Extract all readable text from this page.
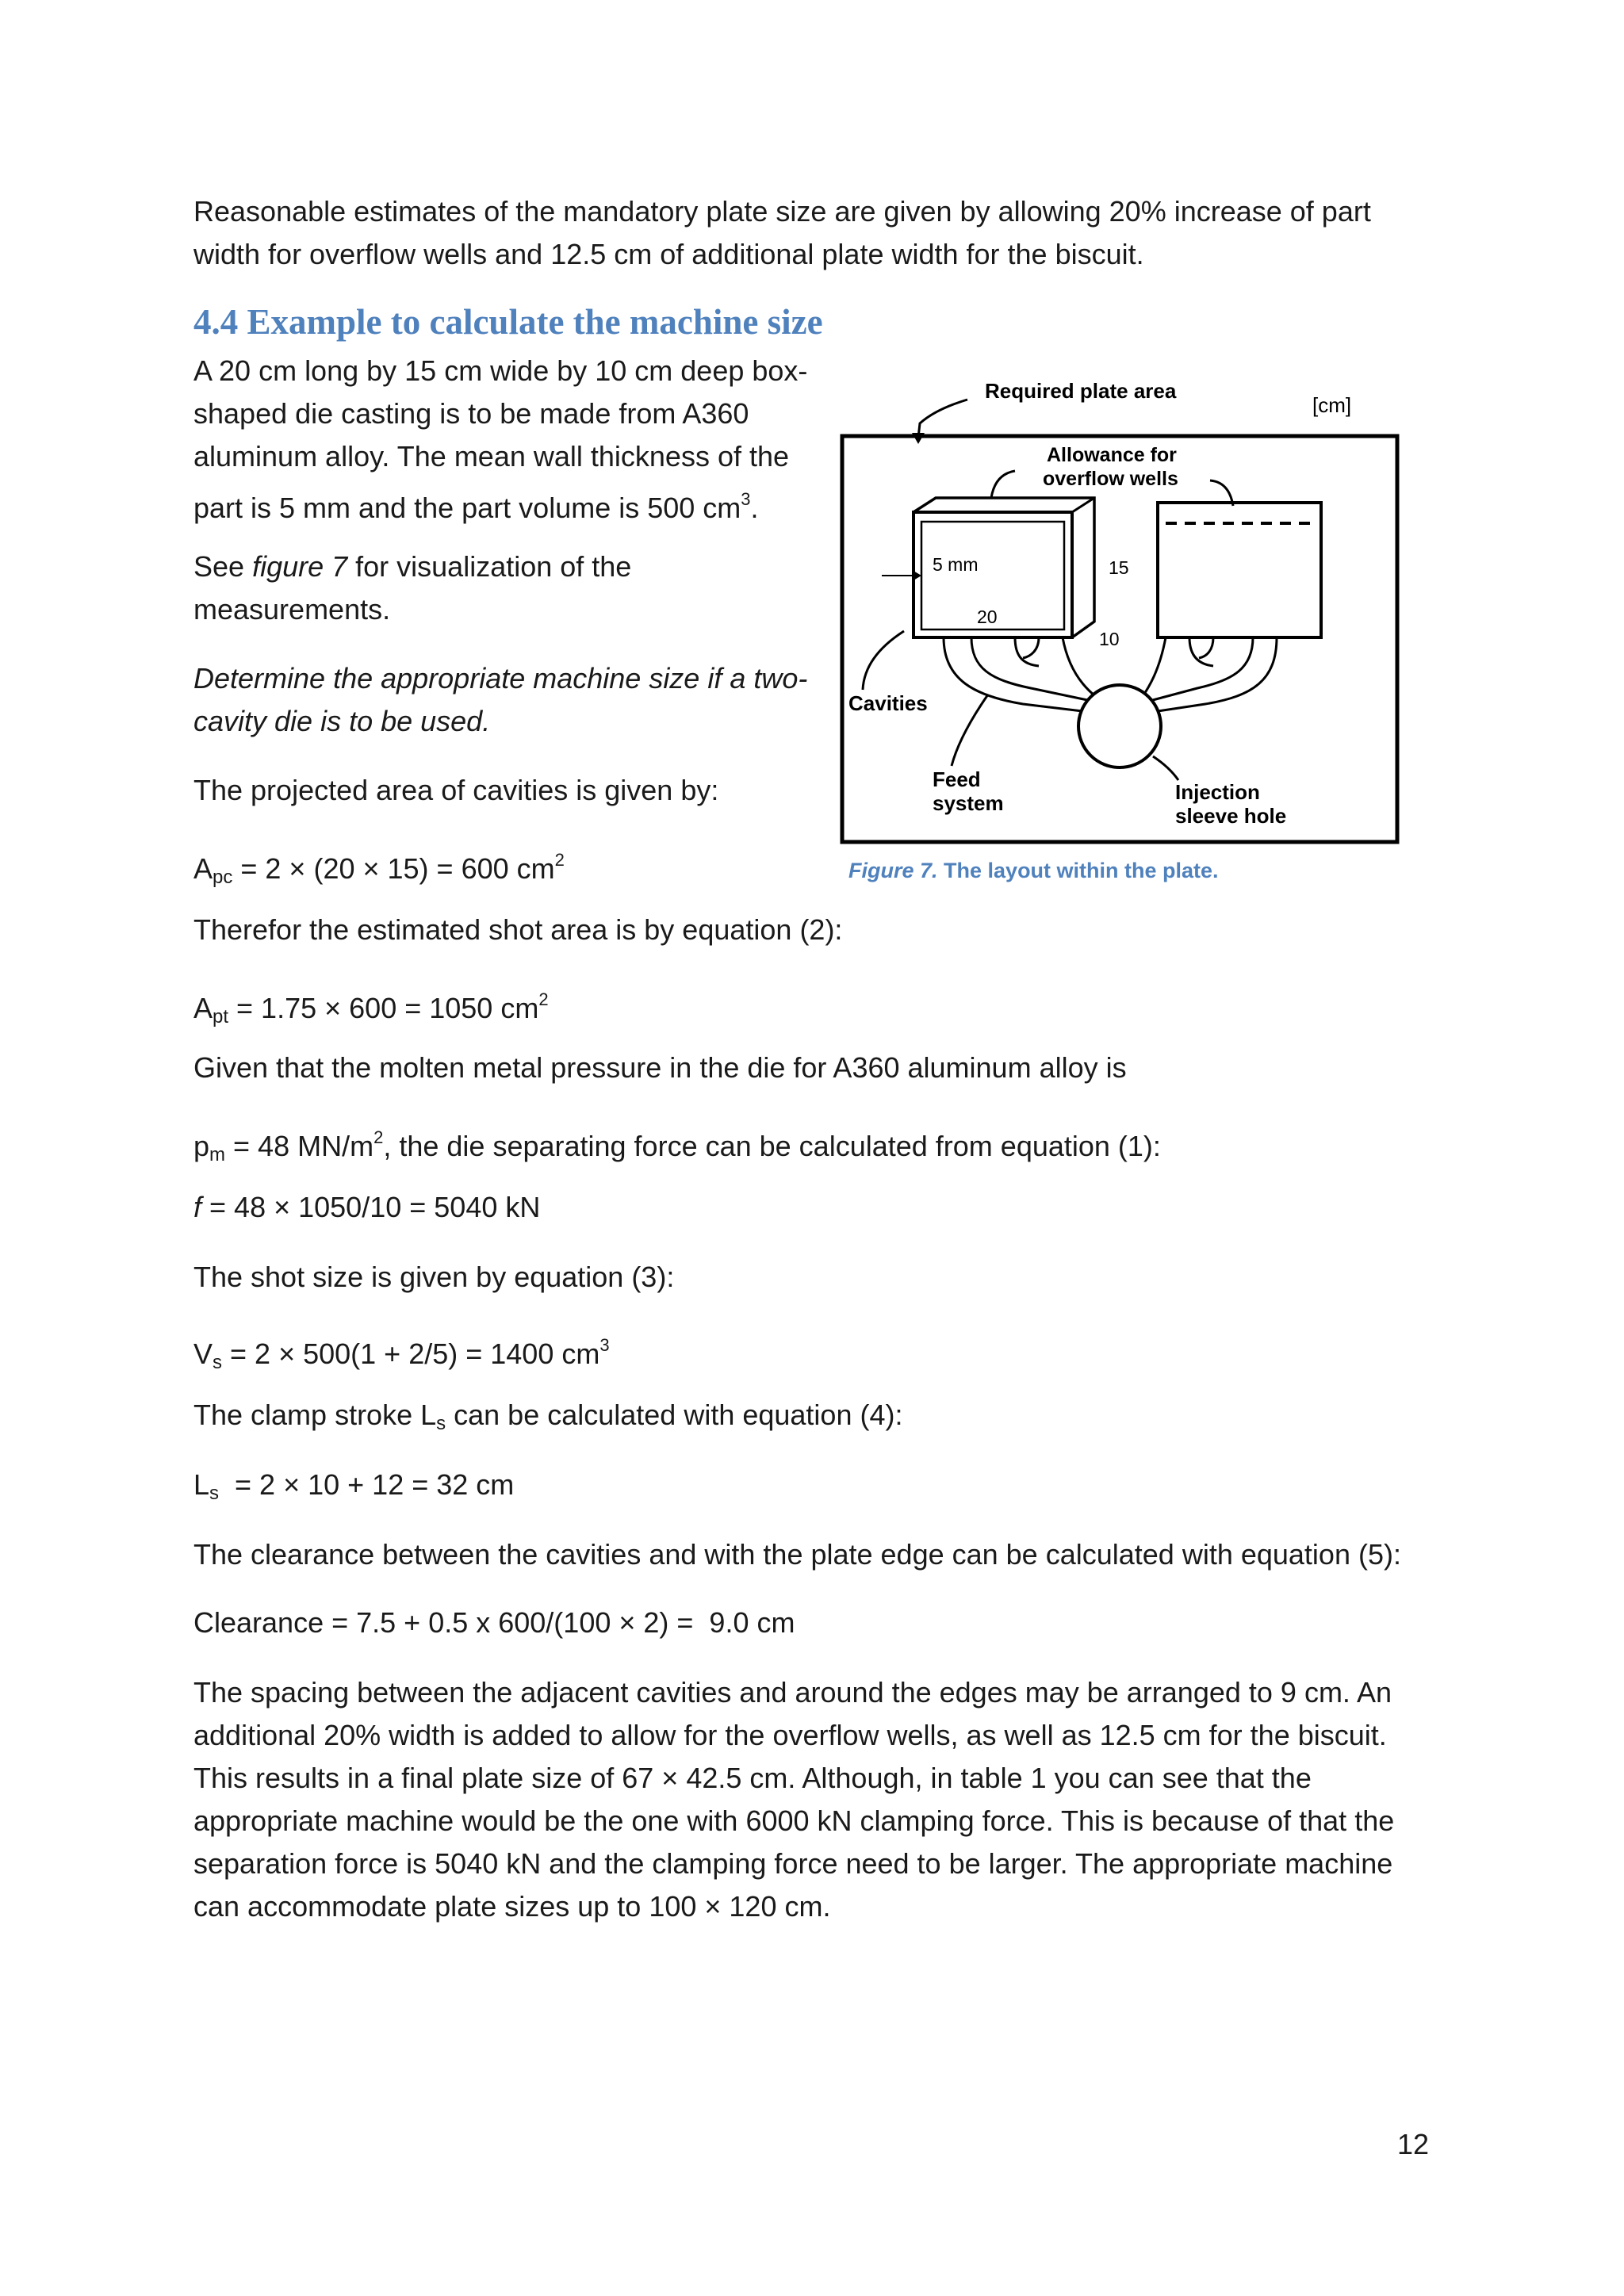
Reasonable estimates of the mandatory plate size are given by allowing 20% increase of part width for overflow wells and 12.5 cm of additional plate width for the biscuit.

4.4 Example to calculate the machine size

A 20 cm long by 15 cm wide by 10 cm deep box-shaped die casting is to be made from A360 aluminum alloy. The mean wall thickness of the part is 5 mm and the part volume is 500 $cm^3$.

See figure 7 for visualization of the measurements.

Determine the appropriate machine size if a two-cavity die is to be used.

The projected area of cavities is given by:

$A_{pc} = 2 \times (20 \times 15) = 600$ $cm^2$

Therefor the estimated shot area is by equation (2):

$A_{pt} = 1.75 \times 600 = 1050$ $cm^2$

Given that the molten metal pressure in the die for A360 aluminum alloy is

$p_m = 48$ $MN/m^2$, the die separating force can be calculated from equation (1):

f = 48 × 1050/10 = 5040 kN

The shot size is given by equation (3):

$V_s = 2 \times 500(1 + 2/5) = 1400$ $cm^3$

The clamp stroke $L_s$ can be calculated with equation (4):

$L_s = 2 \times 10 + 12 = 32$ cm

The clearance between the cavities and with the plate edge can be calculated with equation (5):

Clearance = 7.5 + 0.5 x 600/(100 × 2) =  9.0 cm

The spacing between the adjacent cavities and around the edges may be arranged to 9 cm. An additional 20% width is added to allow for the overflow wells, as well as 12.5 cm for the biscuit. This results in a final plate size of 67 × 42.5 cm. Although, in table 1 you can see that the appropriate machine would be the one with 6000 kN clamping force. This is because of that the separation force is 5040 kN and the clamping force need to be larger. The appropriate machine can accommodate plate sizes up to 100 × 120 cm.

Required plate area
[cm]
Allowance for
overflow wells
5 mm	15
20
10
Cavities
Feed
system	Injection
sleeve hole

Figure 7. The layout within the plate.

12
